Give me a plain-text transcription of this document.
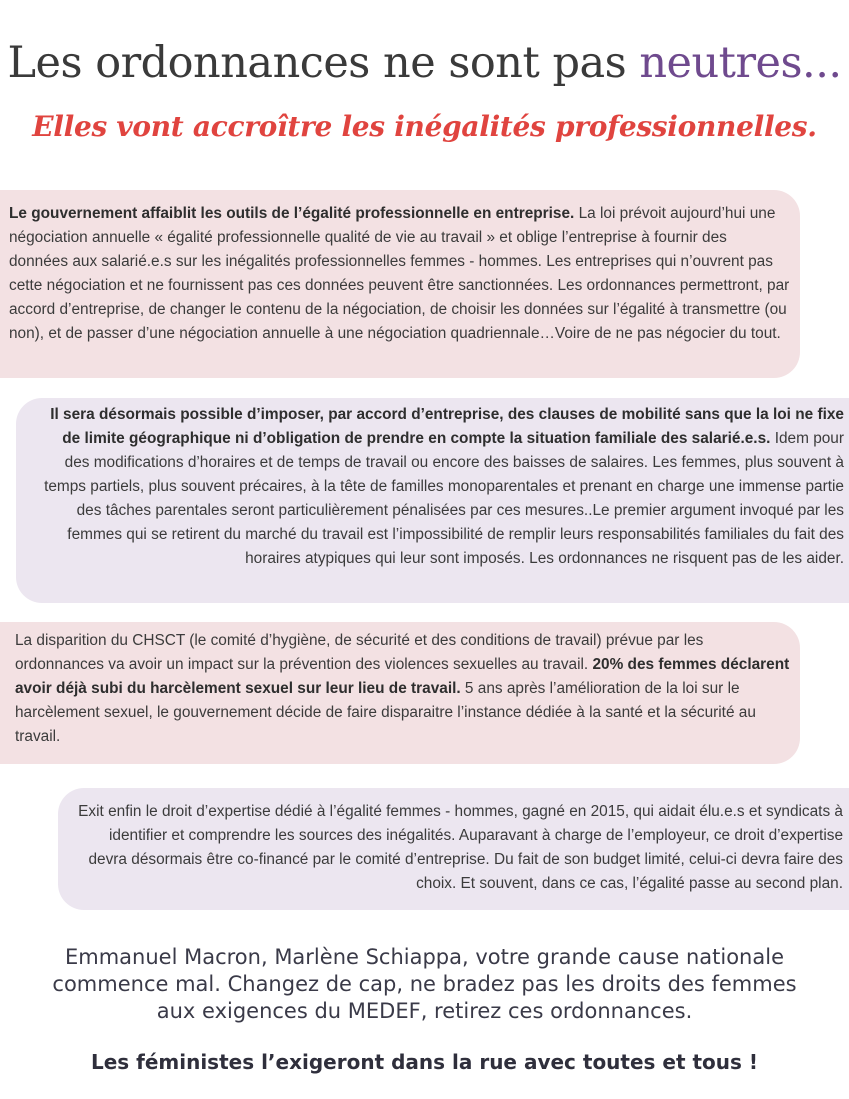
Les ordonnances ne sont pas neutres...
Elles vont accroître les inégalités professionnelles.

Le gouvernement affaiblit les outils de l’égalité professionnelle en entreprise. La loi prévoit aujourd’hui une négociation annuelle « égalité professionnelle qualité de vie au travail » et oblige l’entreprise à fournir des données aux salarié.e.s sur les inégalités professionnelles femmes - hommes. Les entreprises qui n’ouvrent pas cette négociation et ne fournissent pas ces données peuvent être sanctionnées. Les ordonnances permettront, par accord d’entreprise, de changer le contenu de la négociation, de choisir les données sur l’égalité à transmettre (ou non), et de passer d’une négociation annuelle à une négociation quadriennale…Voire de ne pas négocier du tout.

Il sera désormais possible d’imposer, par accord d’entreprise, des clauses de mobilité sans que la loi ne fixe de limite géographique ni d’obligation de prendre en compte la situation familiale des salarié.e.s. Idem pour des modifications d’horaires et de temps de travail ou encore des baisses de salaires. Les femmes, plus souvent à temps partiels, plus souvent précaires, à la tête de familles monoparentales et prenant en charge une immense partie des tâches parentales seront particulièrement pénalisées par ces mesures..Le premier argument invoqué par les femmes qui se retirent du marché du travail est l’impossibilité de remplir leurs responsabilités familiales du fait des horaires atypiques qui leur sont imposés. Les ordonnances ne risquent pas de les aider.

La disparition du CHSCT (le comité d’hygiène, de sécurité et des conditions de travail) prévue par les ordonnances va avoir un impact sur la prévention des violences sexuelles au travail. 20% des femmes déclarent avoir déjà subi du harcèlement sexuel sur leur lieu de travail. 5 ans après l’amélioration de la loi sur le harcèlement sexuel, le gouvernement décide de faire disparaitre l’instance dédiée à la santé et la sécurité au travail.

Exit enfin le droit d’expertise dédié à l’égalité femmes - hommes, gagné en 2015, qui aidait élu.e.s et syndicats à identifier et comprendre les sources des inégalités. Auparavant à charge de l’employeur, ce droit d’expertise devra désormais être co-financé par le comité d’entreprise. Du fait de son budget limité, celui-ci devra faire des choix. Et souvent, dans ce cas, l’égalité passe au second plan.

Emmanuel Macron, Marlène Schiappa, votre grande cause nationale commence mal. Changez de cap, ne bradez pas les droits des femmes aux exigences du MEDEF, retirez ces ordonnances.

Les féministes l’exigeront dans la rue avec toutes et tous !
